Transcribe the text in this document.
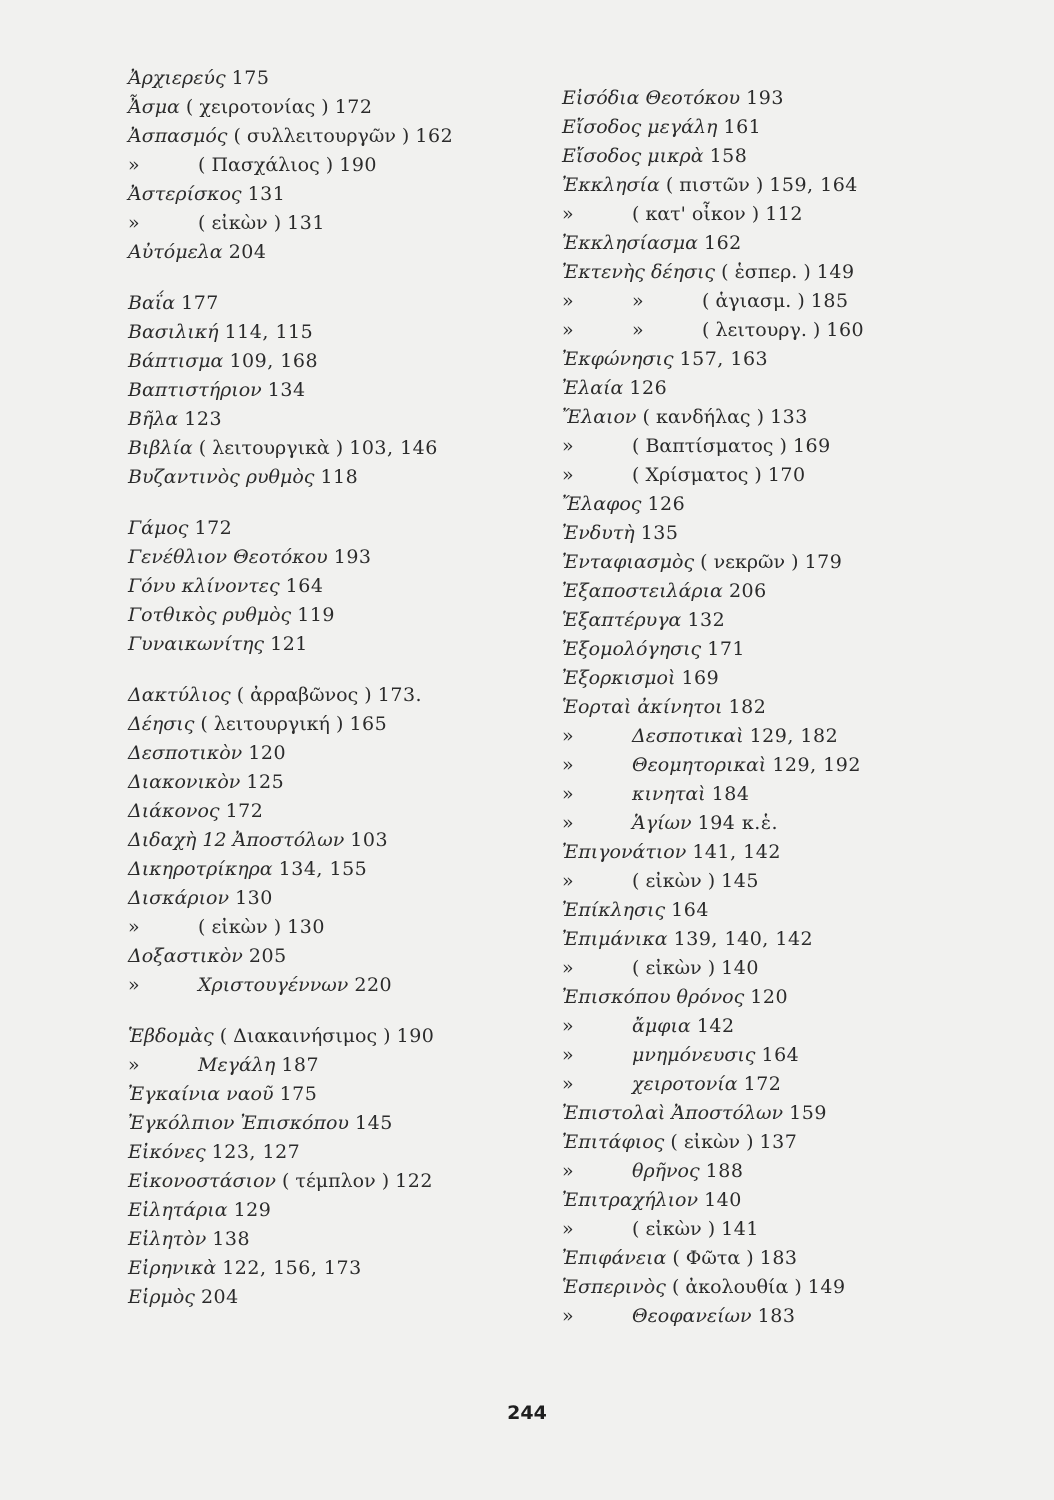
Ἀρχιερεύς 175
Ἆσμα ( χειροτονίας ) 172
Ἀσπασμός ( συλλειτουργῶν ) 162
»	( Πασχάλιος ) 190
Ἀστερίσκος 131
»	( εἰκὼν ) 131
Αὐτόμελα 204
Βαΐα 177
Βασιλική 114, 115
Βάπτισμα 109, 168
Βαπτιστήριον 134
Βῆλα 123
Βιβλία ( λειτουργικὰ ) 103, 146
Βυζαντινὸς ρυθμὸς 118
Γάμος 172
Γενέθλιον Θεοτόκου 193
Γόνυ κλίνοντες 164
Γοτθικὸς ρυθμὸς 119
Γυναικωνίτης 121
Δακτύλιος ( ἀρραβῶνος ) 173.
Δέησις ( λειτουργική ) 165
Δεσποτικὸν 120
Διακονικὸν 125
Διάκονος 172
Διδαχὴ 12 Ἀποστόλων 103
Δικηροτρίκηρα 134, 155
Δισκάριον 130
»	( εἰκὼν ) 130
Δοξαστικὸν 205
»	Χριστουγέννων 220
Ἑβδομὰς ( Διακαινήσιμος ) 190
»	Μεγάλη 187
Ἐγκαίνια ναοῦ 175
Ἐγκόλπιον Ἐπισκόπου 145
Εἰκόνες 123, 127
Εἰκονοστάσιον ( τέμπλον ) 122
Εἰλητάρια 129
Εἰλητὸν 138
Εἰρηνικὰ 122, 156, 173
Εἱρμὸς 204
Εἰσόδια Θεοτόκου 193
Εἴσοδος μεγάλη 161
Εἴσοδος μικρὰ 158
Ἐκκλησία ( πιστῶν ) 159, 164
»	( κατ' οἶκον ) 112
Ἐκκλησίασμα 162
Ἐκτενὴς δέησις ( ἑσπερ. ) 149
»	»	( ἁγιασμ. ) 185
»	»	( λειτουργ. ) 160
Ἐκφώνησις 157, 163
Ἐλαία 126
Ἔλαιον ( κανδήλας ) 133
»	( Βαπτίσματος ) 169
»	( Χρίσματος ) 170
Ἔλαφος 126
Ἐνδυτὴ 135
Ἐνταφιασμὸς ( νεκρῶν ) 179
Ἐξαποστειλάρια 206
Ἑξαπτέρυγα 132
Ἐξομολόγησις 171
Ἐξορκισμοὶ 169
Ἑορταὶ ἀκίνητοι 182
»	Δεσποτικαὶ 129, 182
»	Θεομητορικαὶ 129, 192
»	κινηταὶ 184
»	Ἁγίων 194 κ.ἑ.
Ἐπιγονάτιον 141, 142
»	( εἰκὼν ) 145
Ἐπίκλησις 164
Ἐπιμάνικα 139, 140, 142
»	( εἰκὼν ) 140
Ἐπισκόπου θρόνος 120
»	ἄμφια 142
»	μνημόνευσις 164
»	χειροτονία 172
Ἐπιστολαὶ Ἀποστόλων 159
Ἐπιτάφιος ( εἰκὼν ) 137
»	θρῆνος 188
Ἐπιτραχήλιον 140
»	( εἰκὼν ) 141
Ἐπιφάνεια ( Φῶτα ) 183
Ἑσπερινὸς ( ἀκολουθία ) 149
»	Θεοφανείων 183
244
